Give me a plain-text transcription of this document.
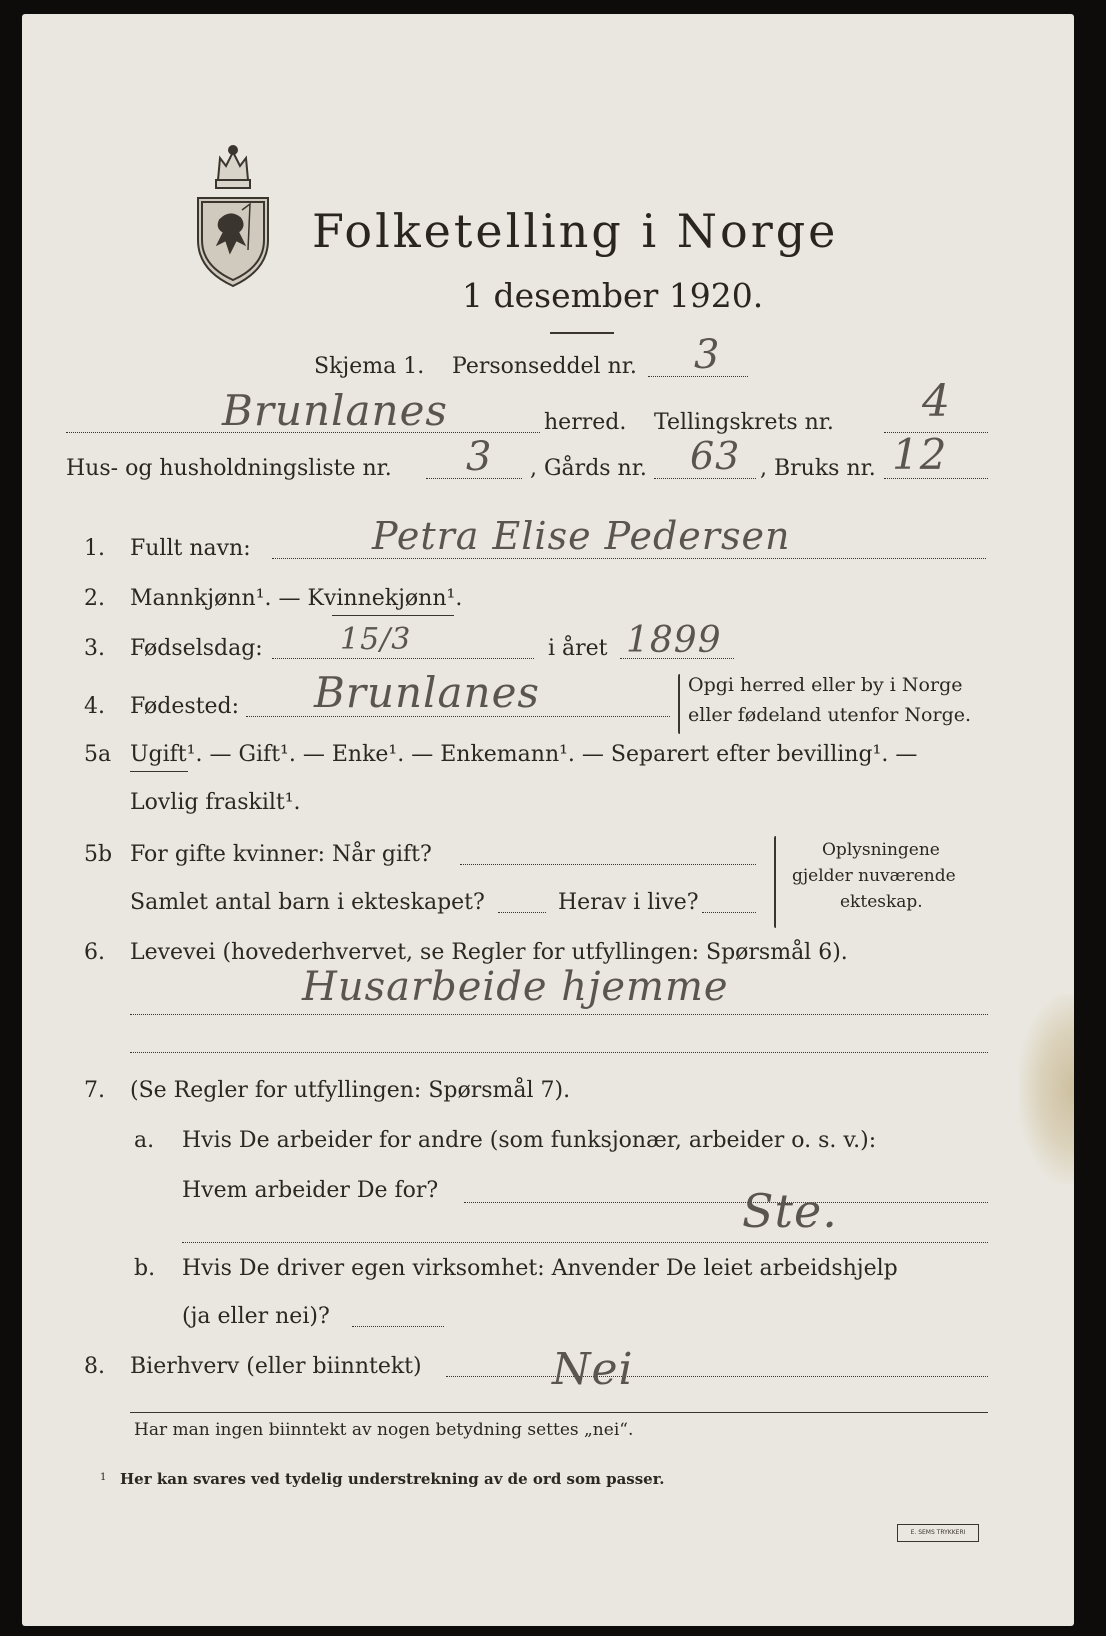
Folketelling i Norge
1 desember 1920.
Skjema 1. Personseddel nr. 3
Brunlanes	herred. Tellingskrets nr. 4
Hus- og husholdningsliste nr. 3 , Gårds nr. 63 , Bruks nr. 12
1. Fullt navn:	Petra Elise Pedersen
2. Mannkjønn¹. — Kvinnekjønn¹.
3. Fødselsdag:	15/3	i året 1899
4. Fødested: Brunlanes	Opgi herred eller by i Norge
eller fødeland utenfor Norge.
5a Ugift¹. — Gift¹. — Enke¹. — Enkemann¹. — Separert efter bevilling¹. —
Lovlig fraskilt¹.
5b For gifte kvinner: Når gift?
Samlet antal barn i ekteskapet?	Herav i live?
Oplysningene
gjelder nuværende
ekteskap.
6. Levevei (hovederhvervet, se Regler for utfyllingen: Spørsmål 6).
Husarbeide hjemme
7. (Se Regler for utfyllingen: Spørsmål 7).
a. Hvis De arbeider for andre (som funksjonær, arbeider o. s. v.):
Hvem arbeider De for?	Ste.
b. Hvis De driver egen virksomhet: Anvender De leiet arbeidshjelp
(ja eller nei)?
8. Bierhverv (eller biinntekt)	Nei
Har man ingen biinntekt av nogen betydning settes „nei“.
1 Her kan svares ved tydelig understrekning av de ord som passer.
E. SEMS TRYKKERI
